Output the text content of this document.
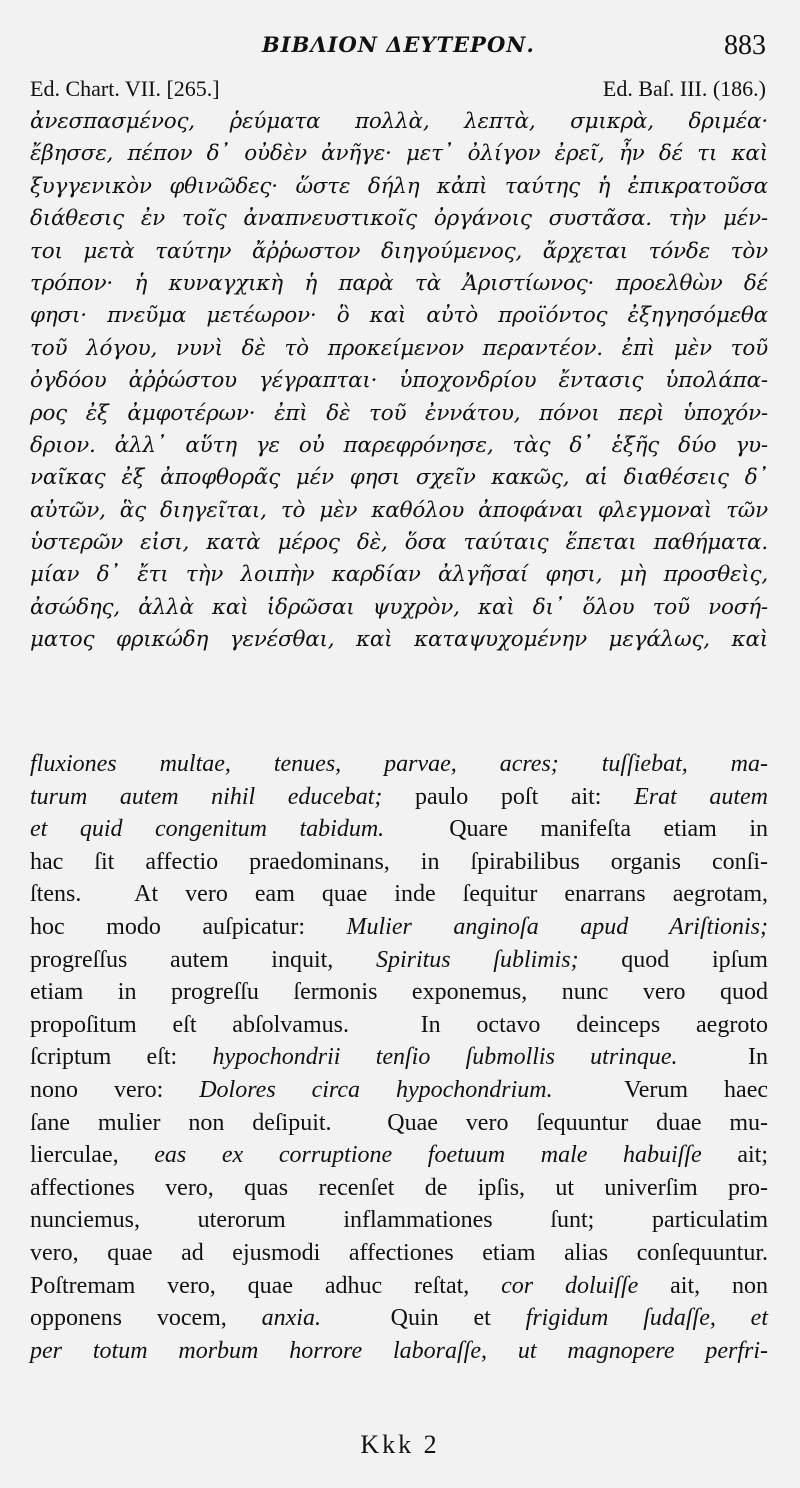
ΒΙΒΛΙΟΝ ΔΕΥΤΕΡΟΝ.	883
Ed. Chart. VII. [265.]	Ed. Baſ. III. (186.)
ἀνεσπασμένος, ῥεύματα πολλὰ, λεπτὰ, σμικρὰ, δριμέα·
ἔβησσε, πέπον δ᾿ οὐδὲν ἀνῆγε· μετ᾿ ὀλίγον ἐρεῖ, ἦν δέ τι καὶ
ξυγγενικὸν φθινῶδες· ὥστε δήλη κἀπὶ ταύτης ἡ ἐπικρατοῦσα
διάθεσις ἐν τοῖς ἀναπνευστικοῖς ὀργάνοις συστᾶσα. τὴν μέν-
τοι μετὰ ταύτην ἄῤῥωστον διηγούμενος, ἄρχεται τόνδε τὸν
τρόπον· ἡ κυναγχικὴ ἡ παρὰ τὰ Ἀριστίωνος· προελθὼν δέ
φησι· πνεῦμα μετέωρον· ὃ καὶ αὐτὸ προϊόντος ἐξηγησόμεθα
τοῦ λόγου, νυνὶ δὲ τὸ προκείμενον περαντέον. ἐπὶ μὲν τοῦ
ὀγδόου ἀῤῥώστου γέγραπται· ὑποχονδρίου ἔντασις ὑπολάπα-
ρος ἐξ ἀμφοτέρων· ἐπὶ δὲ τοῦ ἐννάτου, πόνοι περὶ ὑποχόν-
δριον. ἀλλ᾿ αὕτη γε οὐ παρεφρόνησε, τὰς δ᾿ ἑξῆς δύο γυ-
ναῖκας ἐξ ἀποφθορᾶς μέν φησι σχεῖν κακῶς, αἱ διαθέσεις δ᾿
αὐτῶν, ἃς διηγεῖται, τὸ μὲν καθόλου ἀποφάναι φλεγμοναὶ τῶν
ὑστερῶν εἰσι, κατὰ μέρος δὲ, ὅσα ταύταις ἕπεται παθήματα.
μίαν δ᾿ ἔτι τὴν λοιπὴν καρδίαν ἀλγῆσαί φησι, μὴ προσθεὶς,
ἀσώδης, ἀλλὰ καὶ ἱδρῶσαι ψυχρὸν, καὶ δι᾿ ὅλου τοῦ νοσή-
ματος φρικώδη γενέσθαι, καὶ καταψυχομένην μεγάλως, καὶ
fluxiones multae, tenues, parvae, acres; tuſſiebat, ma-
turum autem nihil educebat; paulo poſt ait: Erat autem
et quid congenitum tabidum.  Quare manifeſta etiam in
hac ſit affectio praedominans, in ſpirabilibus organis conſi-
ſtens.  At vero eam quae inde ſequitur enarrans aegrotam,
hoc modo auſpicatur: Mulier anginoſa apud Ariſtionis;
progreſſus autem inquit, Spiritus ſublimis; quod ipſum
etiam in progreſſu ſermonis exponemus, nunc vero quod
propoſitum eſt abſolvamus.  In octavo deinceps aegroto
ſcriptum eſt: hypochondrii tenſio ſubmollis utrinque.  In
nono vero: Dolores circa hypochondrium.  Verum haec
ſane mulier non deſipuit.  Quae vero ſequuntur duae mu-
lierculae, eas ex corruptione foetuum male habuiſſe ait;
affectiones vero, quas recenſet de ipſis, ut univerſim pro-
nunciemus, uterorum inflammationes ſunt; particulatim
vero, quae ad ejusmodi affectiones etiam alias conſequuntur.
Poſtremam vero, quae adhuc reſtat, cor doluiſſe ait, non
opponens vocem, anxia.  Quin et frigidum ſudaſſe, et
per totum morbum horrore laboraſſe, ut magnopere perfri-
Kkk 2
